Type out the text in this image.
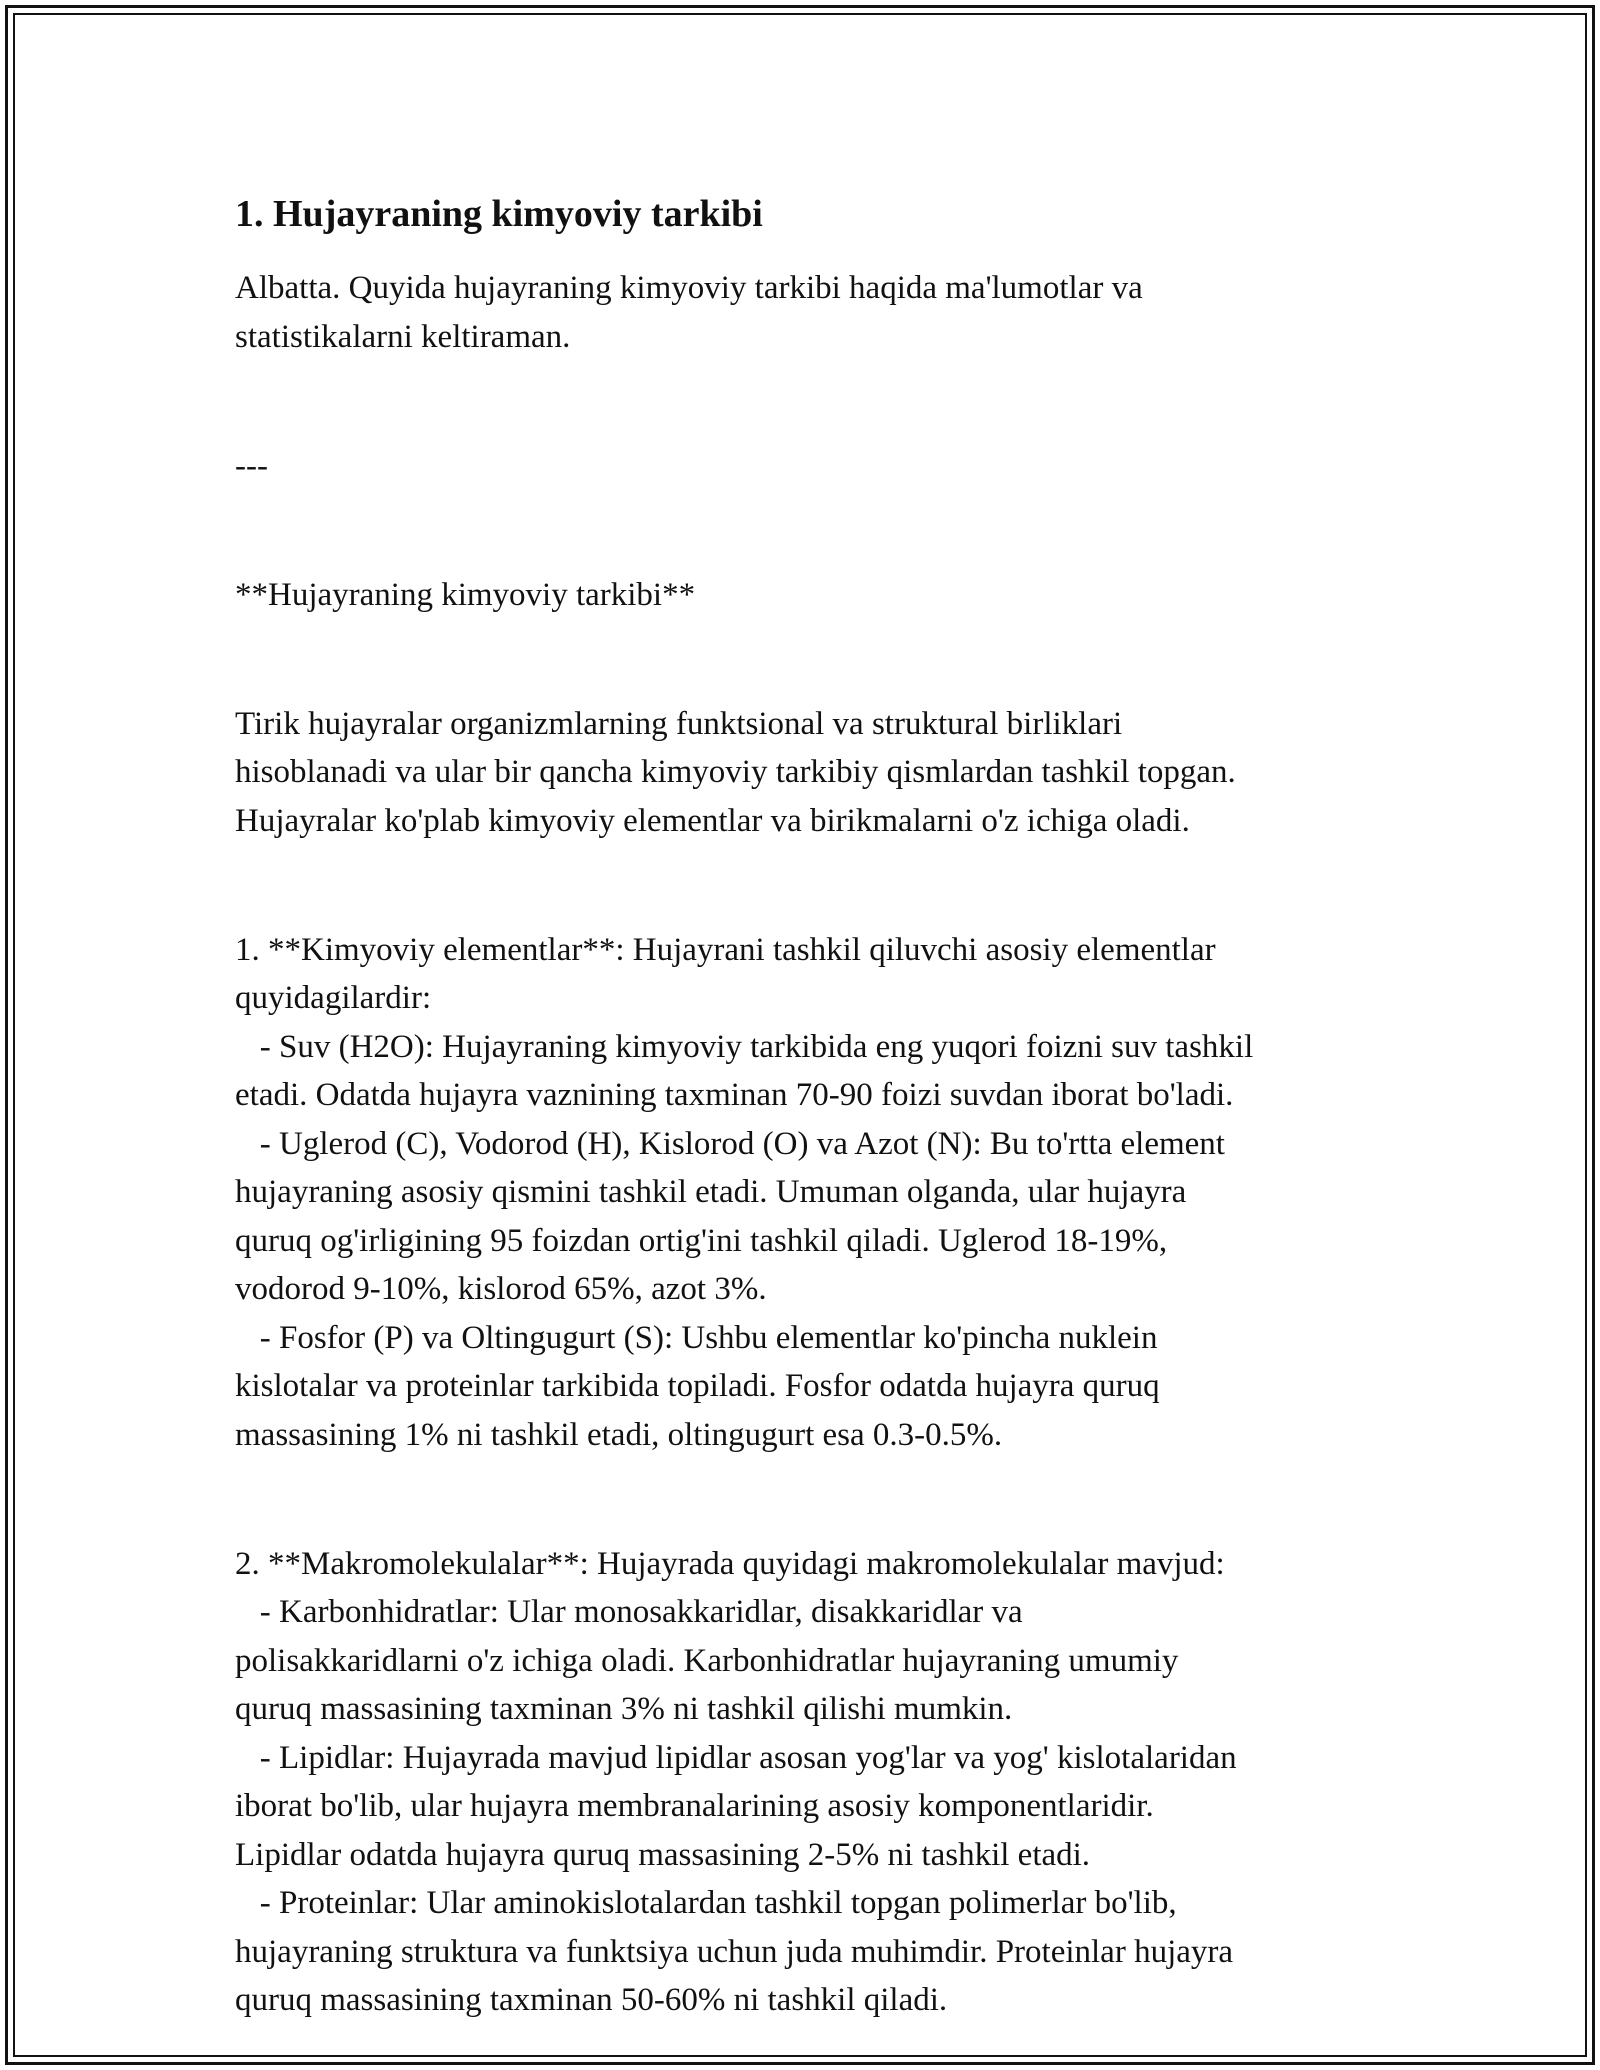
1. Hujayraning kimyoviy tarkibi

Albatta. Quyida hujayraning kimyoviy tarkibi haqida ma'lumotlar va

statistikalarni keltiraman.

---

**Hujayraning kimyoviy tarkibi**

Tirik hujayralar organizmlarning funktsional va struktural birliklari

hisoblanadi va ular bir qancha kimyoviy tarkibiy qismlardan tashkil topgan.

Hujayralar ko'plab kimyoviy elementlar va birikmalarni o'z ichiga oladi.

1. **Kimyoviy elementlar**: Hujayrani tashkil qiluvchi asosiy elementlar

quyidagilardir:

- Suv (H2O): Hujayraning kimyoviy tarkibida eng yuqori foizni suv tashkil

etadi. Odatda hujayra vaznining taxminan 70-90 foizi suvdan iborat bo'ladi.

- Uglerod (C), Vodorod (H), Kislorod (O) va Azot (N): Bu to'rtta element

hujayraning asosiy qismini tashkil etadi. Umuman olganda, ular hujayra

quruq og'irligining 95 foizdan ortig'ini tashkil qiladi. Uglerod 18-19%,

vodorod 9-10%, kislorod 65%, azot 3%.

- Fosfor (P) va Oltingugurt (S): Ushbu elementlar ko'pincha nuklein

kislotalar va proteinlar tarkibida topiladi. Fosfor odatda hujayra quruq

massasining 1% ni tashkil etadi, oltingugurt esa 0.3-0.5%.

2. **Makromolekulalar**: Hujayrada quyidagi makromolekulalar mavjud:

- Karbonhidratlar: Ular monosakkaridlar, disakkaridlar va

polisakkaridlarni o'z ichiga oladi. Karbonhidratlar hujayraning umumiy

quruq massasining taxminan 3% ni tashkil qilishi mumkin.

- Lipidlar: Hujayrada mavjud lipidlar asosan yog'lar va yog' kislotalaridan

iborat bo'lib, ular hujayra membranalarining asosiy komponentlaridir.

Lipidlar odatda hujayra quruq massasining 2-5% ni tashkil etadi.

- Proteinlar: Ular aminokislotalardan tashkil topgan polimerlar bo'lib,

hujayraning struktura va funktsiya uchun juda muhimdir. Proteinlar hujayra

quruq massasining taxminan 50-60% ni tashkil qiladi.
